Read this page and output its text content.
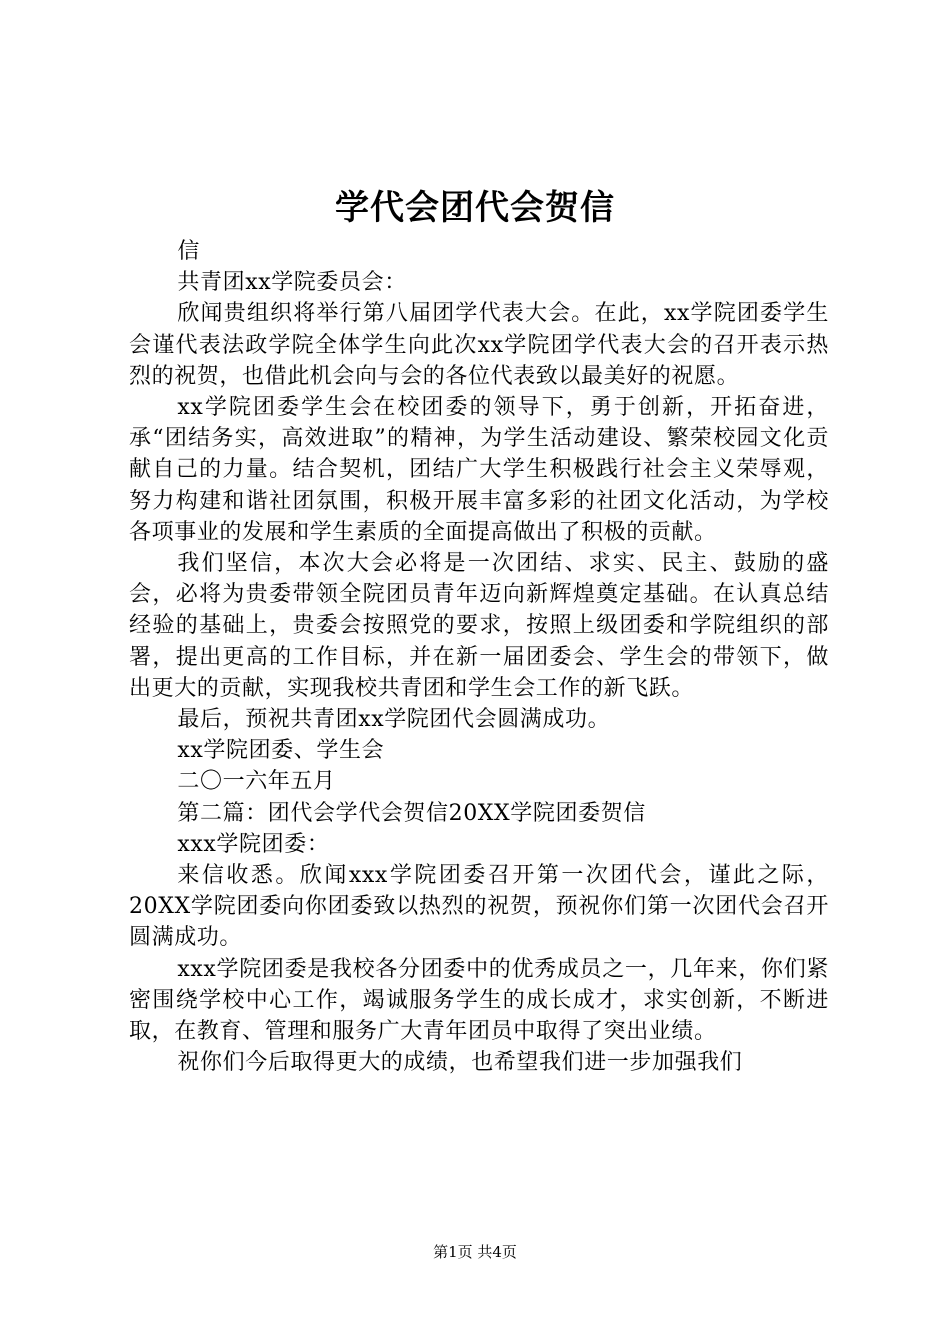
学代会团代会贺信

信

共青团xx学院委员会：

欣闻贵组织将举行第八届团学代表大会。在此，xx学院团委学生会谨代表法政学院全体学生向此次xx学院团学代表大会的召开表示热烈的祝贺，也借此机会向与会的各位代表致以最美好的祝愿。

xx学院团委学生会在校团委的领导下，勇于创新，开拓奋进，承“团结务实，高效进取”的精神，为学生活动建设、繁荣校园文化贡献自己的力量。结合契机，团结广大学生积极践行社会主义荣辱观，努力构建和谐社团氛围，积极开展丰富多彩的社团文化活动，为学校各项事业的发展和学生素质的全面提高做出了积极的贡献。

我们坚信，本次大会必将是一次团结、求实、民主、鼓励的盛会，必将为贵委带领全院团员青年迈向新辉煌奠定基础。在认真总结经验的基础上，贵委会按照党的要求，按照上级团委和学院组织的部署，提出更高的工作目标，并在新一届团委会、学生会的带领下，做出更大的贡献，实现我校共青团和学生会工作的新飞跃。

最后，预祝共青团xx学院团代会圆满成功。

xx学院团委、学生会

二〇一六年五月

第二篇：团代会学代会贺信20XX学院团委贺信

xxx学院团委：

来信收悉。欣闻xxx学院团委召开第一次团代会，谨此之际，20XX学院团委向你团委致以热烈的祝贺，预祝你们第一次团代会召开圆满成功。

xxx学院团委是我校各分团委中的优秀成员之一，几年来，你们紧密围绕学校中心工作，竭诚服务学生的成长成才，求实创新，不断进取，在教育、管理和服务广大青年团员中取得了突出业绩。

祝你们今后取得更大的成绩，也希望我们进一步加强我们

第1页 共4页
